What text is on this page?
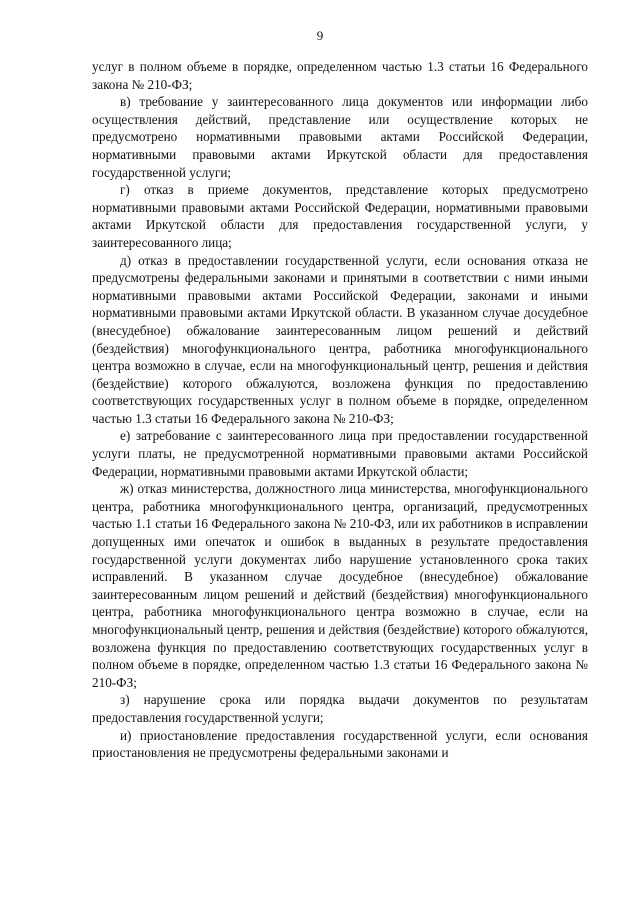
9

услуг в полном объеме в порядке, определенном частью 1.3 статьи 16 Федерального закона № 210-ФЗ;

в) требование у заинтересованного лица документов или информации либо осуществления действий, представление или осуществление которых не предусмотрено нормативными правовыми актами Российской Федерации, нормативными правовыми актами Иркутской области для предоставления государственной услуги;

г) отказ в приеме документов, представление которых предусмотрено нормативными правовыми актами Российской Федерации, нормативными правовыми актами Иркутской области для предоставления государственной услуги, у заинтересованного лица;

д) отказ в предоставлении государственной услуги, если основания отказа не предусмотрены федеральными законами и принятыми в соответствии с ними иными нормативными правовыми актами Российской Федерации, законами и иными нормативными правовыми актами Иркутской области. В указанном случае досудебное (внесудебное) обжалование заинтересованным лицом решений и действий (бездействия) многофункционального центра, работника многофункционального центра возможно в случае, если на многофункциональный центр, решения и действия (бездействие) которого обжалуются, возложена функция по предоставлению соответствующих государственных услуг в полном объеме в порядке, определенном частью 1.3 статьи 16 Федерального закона № 210-ФЗ;

е) затребование с заинтересованного лица при предоставлении государственной услуги платы, не предусмотренной нормативными правовыми актами Российской Федерации, нормативными правовыми актами Иркутской области;

ж) отказ министерства, должностного лица министерства, многофункционального центра, работника многофункционального центра, организаций, предусмотренных частью 1.1 статьи 16 Федерального закона № 210-ФЗ, или их работников в исправлении допущенных ими опечаток и ошибок в выданных в результате предоставления государственной услуги документах либо нарушение установленного срока таких исправлений. В указанном случае досудебное (внесудебное) обжалование заинтересованным лицом решений и действий (бездействия) многофункционального центра, работника многофункционального центра возможно в случае, если на многофункциональный центр, решения и действия (бездействие) которого обжалуются, возложена функция по предоставлению соответствующих государственных услуг в полном объеме в порядке, определенном частью 1.3 статьи 16 Федерального закона № 210-ФЗ;

з) нарушение срока или порядка выдачи документов по результатам предоставления государственной услуги;

и) приостановление предоставления государственной услуги, если основания приостановления не предусмотрены федеральными законами и
